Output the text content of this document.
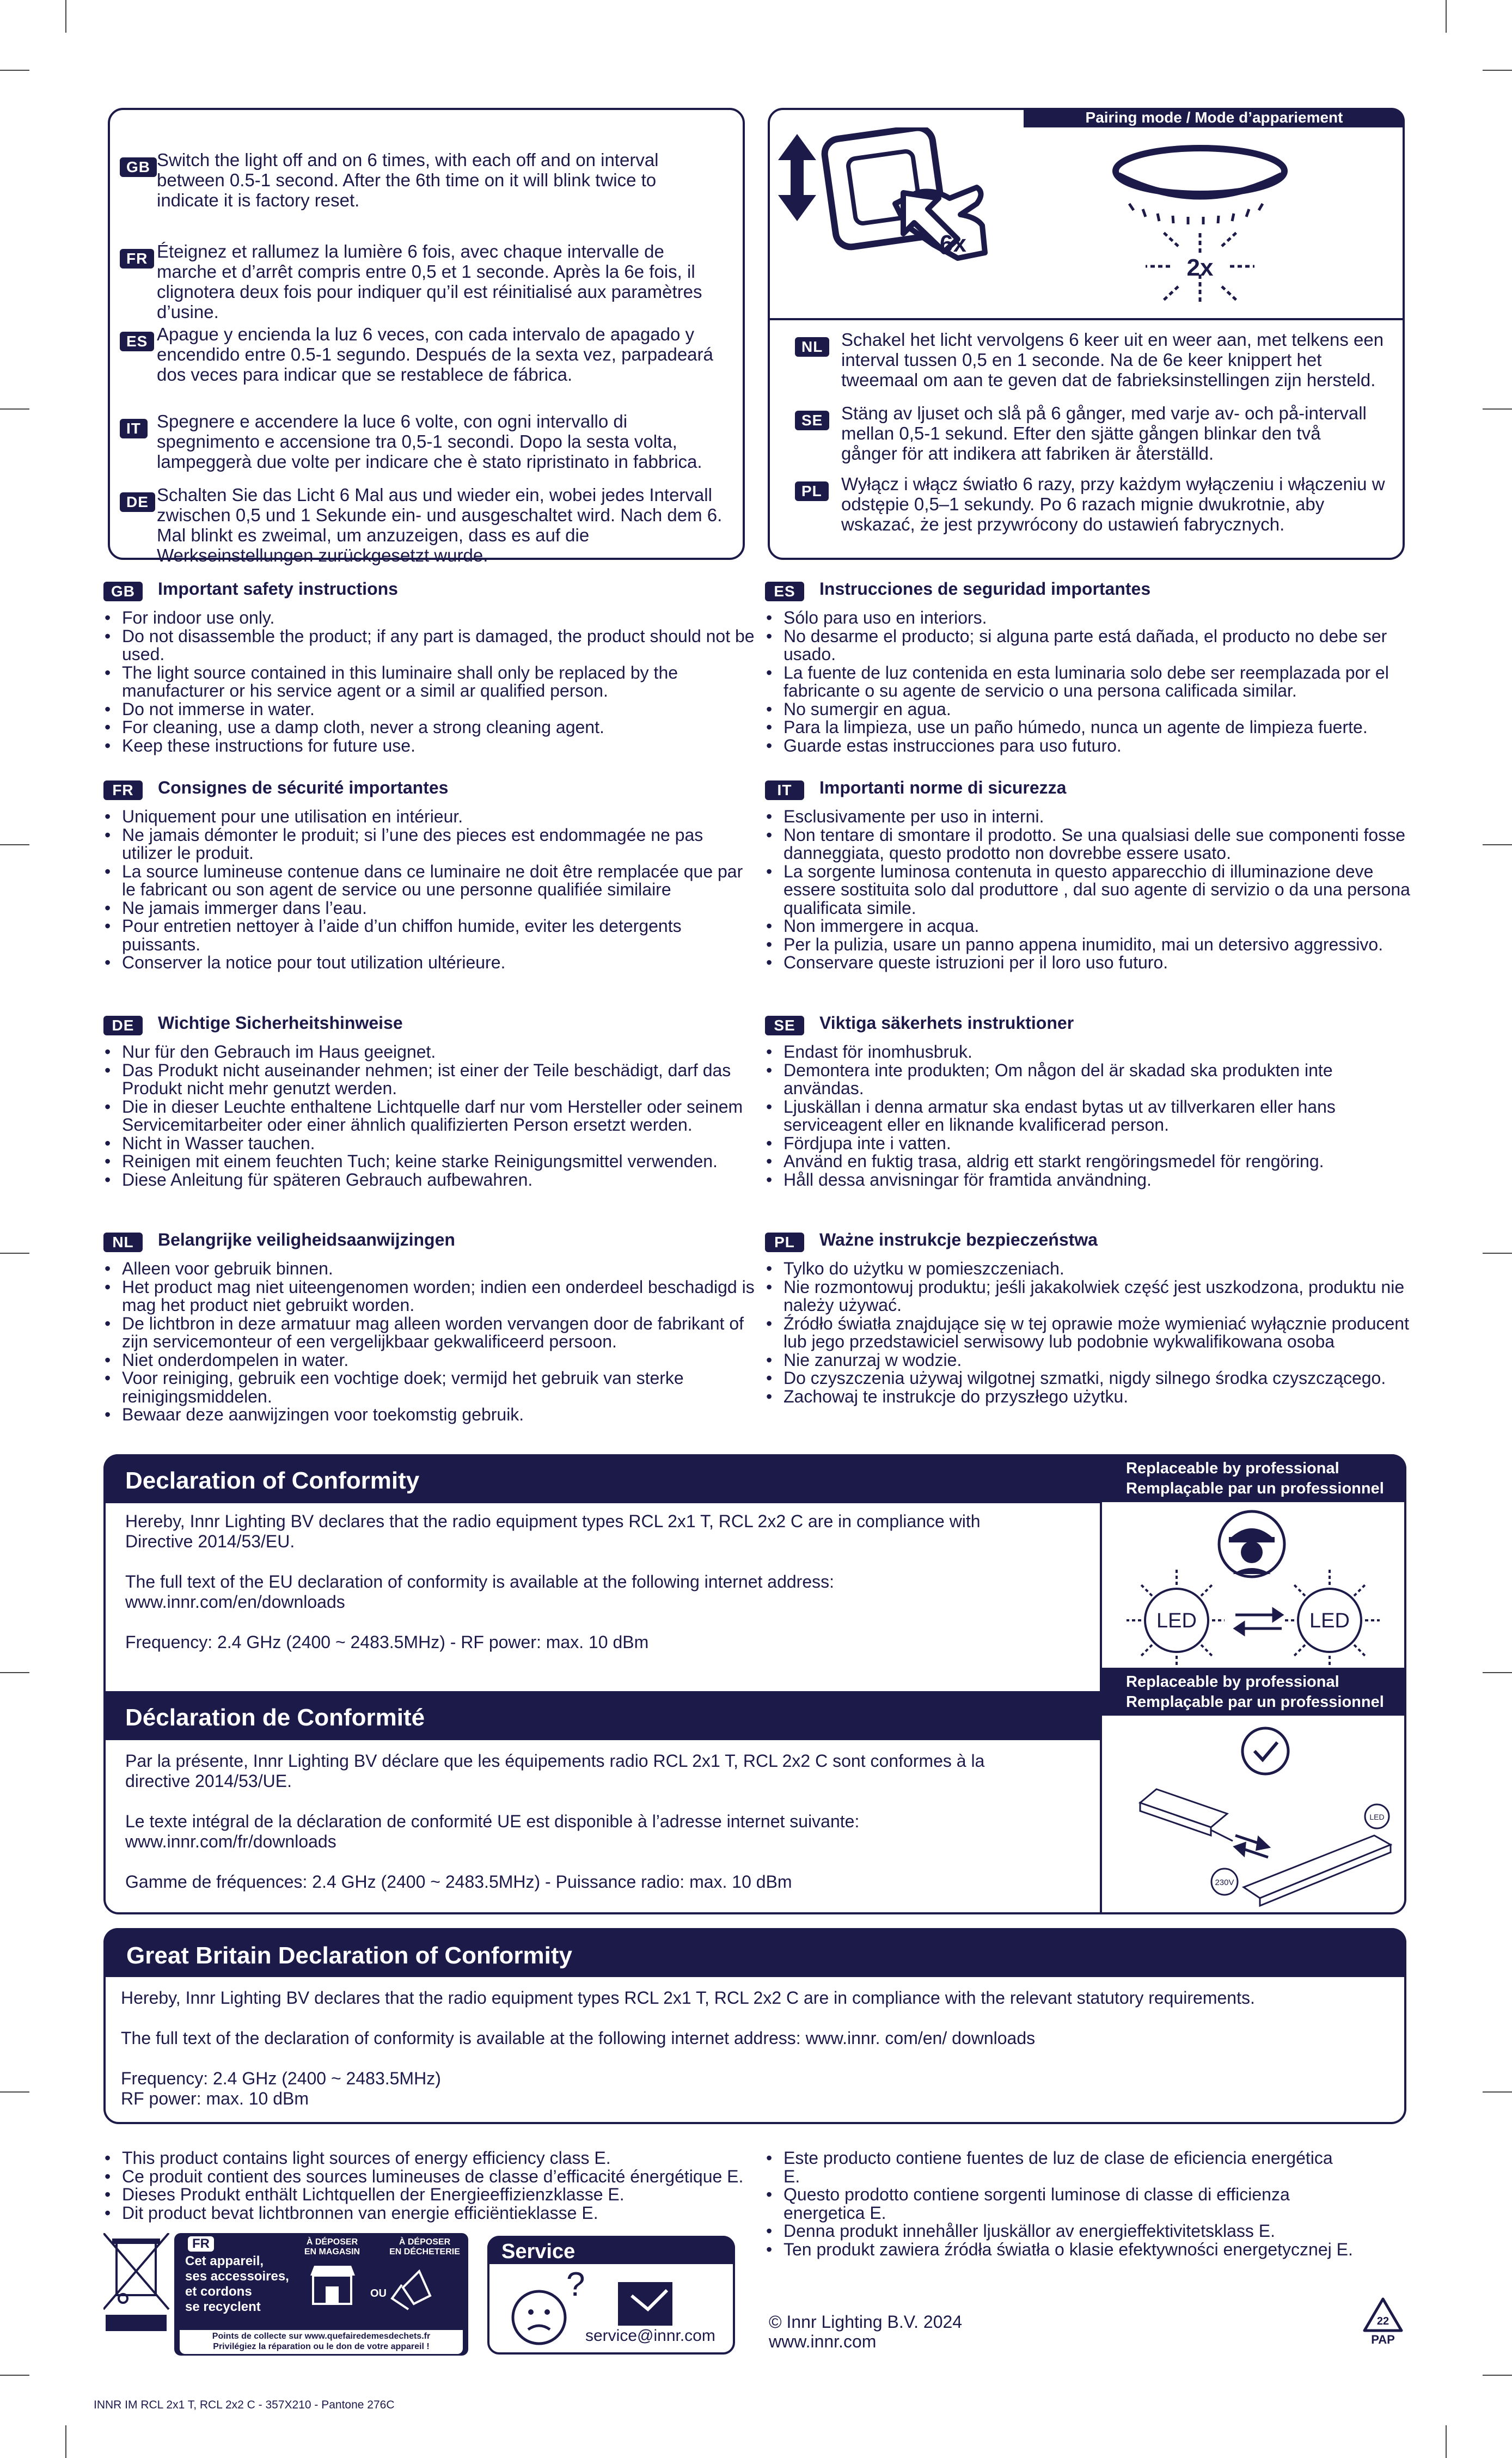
GB Switch the light off and on 6 times, with each off and on interval between 0.5-1 second. After the 6th time on it will blink twice to indicate it is factory reset.
FR Éteignez et rallumez la lumière 6 fois, avec chaque intervalle de marche et d’arrêt compris entre 0,5 et 1 seconde. Après la 6e fois, il clignotera deux fois pour indiquer qu’il est réinitialisé aux paramètres d’usine.
ES Apague y encienda la luz 6 veces, con cada intervalo de apagado y encendido entre 0.5-1 segundo. Después de la sexta vez, parpadeará dos veces para indicar que se restablece de fábrica.
IT Spegnere e accendere la luce 6 volte, con ogni intervallo di spegnimento e accensione tra 0,5-1 secondi. Dopo la sesta volta, lampeggerà due volte per indicare che è stato ripristinato in fabbrica.
DE Schalten Sie das Licht 6 Mal aus und wieder ein, wobei jedes Intervall zwischen 0,5 und 1 Sekunde ein- und ausgeschaltet wird. Nach dem 6. Mal blinkt es zweimal, um anzuzeigen, dass es auf die Werkseinstellungen zurückgesetzt wurde.
Pairing mode / Mode d’appariement
6x
2x
NL	Schakel het licht vervolgens 6 keer uit en weer aan, met telkens een interval tussen 0,5 en 1 seconde. Na de 6e keer knippert het tweemaal om aan te geven dat de fabrieksinstellingen zijn hersteld.
SE	Stäng av ljuset och slå på 6 gånger, med varje av- och på-intervall mellan 0,5-1 sekund. Efter den sjätte gången blinkar den två gånger för att indikera att fabriken är återställd.
PL	Wyłącz i włącz światło 6 razy, przy każdym wyłączeniu i włączeniu w odstępie 0,5–1 sekundy. Po 6 razach mignie dwukrotnie, aby wskazać, że jest przywrócony do ustawień fabrycznych.
GB	Important safety instructions
• For indoor use only.
• Do not disassemble the product; if any part is damaged, the product should not be used.
• The light source contained in this luminaire shall only be replaced by the manufacturer or his service agent or a simil ar qualified person.
• Do not immerse in water.
• For cleaning, use a damp cloth, never a strong cleaning agent.
• Keep these instructions for future use.
FR	Consignes de sécurité importantes
• Uniquement pour une utilisation en intérieur.
• Ne jamais démonter le produit; si l’une des pieces est endommagée ne pas utilizer le produit.
• La source lumineuse contenue dans ce luminaire ne doit être remplacée que par le fabricant ou son agent de service ou une personne qualifiée similaire
• Ne jamais immerger dans l’eau.
• Pour entretien nettoyer à l’aide d’un chiffon humide, eviter les detergents puissants.
• Conserver la notice pour tout utilization ultérieure.
DE	Wichtige Sicherheitshinweise
• Nur für den Gebrauch im Haus geeignet.
• Das Produkt nicht auseinander nehmen; ist einer der Teile beschädigt, darf das Produkt nicht mehr genutzt werden.
• Die in dieser Leuchte enthaltene Lichtquelle darf nur vom Hersteller oder seinem Servicemitarbeiter oder einer ähnlich qualifizierten Person ersetzt werden.
• Nicht in Wasser tauchen.
• Reinigen mit einem feuchten Tuch; keine starke Reinigungsmittel verwenden.
• Diese Anleitung für späteren Gebrauch aufbewahren.
NL	Belangrijke veiligheidsaanwijzingen
• Alleen voor gebruik binnen.
• Het product mag niet uiteengenomen worden; indien een onderdeel beschadigd is mag het product niet gebruikt worden.
• De lichtbron in deze armatuur mag alleen worden vervangen door de fabrikant of zijn servicemonteur of een vergelijkbaar gekwalificeerd persoon.
• Niet onderdompelen in water.
• Voor reiniging, gebruik een vochtige doek; vermijd het gebruik van sterke reinigingsmiddelen.
• Bewaar deze aanwijzingen voor toekomstig gebruik.
ES	Instrucciones de seguridad importantes
• Sólo para uso en interiors.
• No desarme el producto; si alguna parte está dañada, el producto no debe ser usado.
• La fuente de luz contenida en esta luminaria solo debe ser reemplazada por el fabricante o su agente de servicio o una persona calificada similar.
• No sumergir en agua.
• Para la limpieza, use un paño húmedo, nunca un agente de limpieza fuerte.
• Guarde estas instrucciones para uso futuro.
IT	Importanti norme di sicurezza
• Esclusivamente per uso in interni.
• Non tentare di smontare il prodotto. Se una qualsiasi delle sue componenti fosse danneggiata, questo prodotto non dovrebbe essere usato.
• La sorgente luminosa contenuta in questo apparecchio di illuminazione deve essere sostituita solo dal produttore , dal suo agente di servizio o da una persona qualificata simile.
• Non immergere in acqua.
• Per la pulizia, usare un panno appena inumidito, mai un detersivo aggressivo.
• Conservare queste istruzioni per il loro uso futuro.
SE	Viktiga säkerhets instruktioner
• Endast för inomhusbruk.
• Demontera inte produkten; Om någon del är skadad ska produkten inte användas.
• Ljuskällan i denna armatur ska endast bytas ut av tillverkaren eller hans serviceagent eller en liknande kvalificerad person.
• Fördjupa inte i vatten.
• Använd en fuktig trasa, aldrig ett starkt rengöringsmedel för rengöring.
• Håll dessa anvisningar för framtida användning.
PL	Ważne instrukcje bezpieczeństwa
• Tylko do użytku w pomieszczeniach.
• Nie rozmontowuj produktu; jeśli jakakolwiek część jest uszkodzona, produktu nie należy używać.
• Źródło światła znajdujące się w tej oprawie może wymieniać wyłącznie producent lub jego przedstawiciel serwisowy lub podobnie wykwalifikowana osoba
• Nie zanurzaj w wodzie.
• Do czyszczenia używaj wilgotnej szmatki, nigdy silnego środka czyszczącego.
• Zachowaj te instrukcje do przyszłego użytku.
Declaration of Conformity
Hereby, Innr Lighting BV declares that the radio equipment types RCL 2x1 T, RCL 2x2 C are in compliance with Directive 2014/53/EU.
The full text of the EU declaration of conformity is available at the following internet address: www.innr.com/en/downloads
Frequency: 2.4 GHz (2400 ~ 2483.5MHz) - RF power: max. 10 dBm
Déclaration de Conformité
Par la présente, Innr Lighting BV déclare que les équipements radio RCL 2x1 T, RCL 2x2 C sont conformes à la directive 2014/53/UE.
Le texte intégral de la déclaration de conformité UE est disponible à l’adresse internet suivante: www.innr.com/fr/downloads
Gamme de fréquences: 2.4 GHz (2400 ~ 2483.5MHz) - Puissance radio: max. 10 dBm
Replaceable by professional
Remplaçable par un professionnel
LED	LED
Replaceable by professional
Remplaçable par un professionnel
LED
230V
Great Britain Declaration of Conformity
Hereby, Innr Lighting BV declares that the radio equipment types RCL 2x1 T, RCL 2x2 C are in compliance with the relevant statutory requirements.
The full text of the declaration of conformity is available at the following internet address: www.innr. com/en/ downloads
Frequency: 2.4 GHz (2400 ~ 2483.5MHz)
RF power: max. 10 dBm
• This product contains light sources of energy efficiency class E.
• Ce produit contient des sources lumineuses de classe d’efficacité énergétique E.
• Dieses Produkt enthält Lichtquellen der Energieeffizienzklasse E.
• Dit product bevat lichtbronnen van energie efficiëntieklasse E.
• Este producto contiene fuentes de luz de clase de eficiencia energética E.
• Questo prodotto contiene sorgenti luminose di classe di efficienza energetica E.
• Denna produkt innehåller ljuskällor av energieffektivitetsklass E.
• Ten produkt zawiera źródła światła o klasie efektywności energetycznej E.
FR
Cet appareil,
ses accessoires,
et cordons
se recyclent
À DÉPOSER
EN MAGASIN
OU
À DÉPOSER
EN DÉCHETERIE
Points de collecte sur www.quefairedemesdechets.fr
Privilégiez la réparation ou le don de votre appareil !
Service
?
service@innr.com
© Innr Lighting B.V. 2024
www.innr.com
22
PAP
INNR IM RCL 2x1 T, RCL 2x2 C - 357X210 - Pantone 276C
